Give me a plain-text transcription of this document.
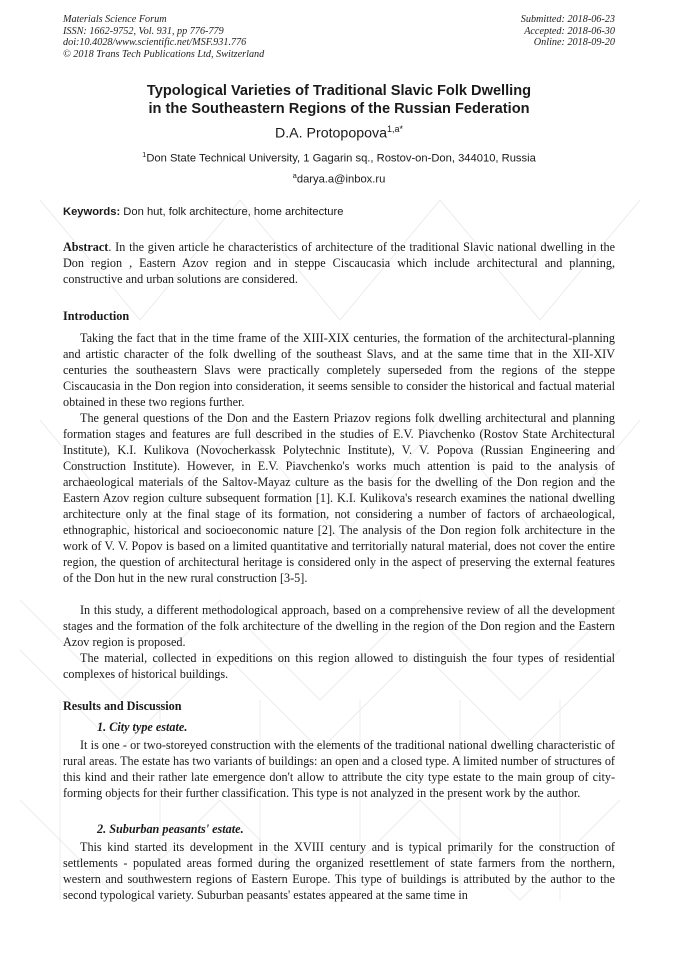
Materials Science Forum
ISSN: 1662-9752, Vol. 931, pp 776-779
doi:10.4028/www.scientific.net/MSF.931.776
© 2018 Trans Tech Publications Ltd, Switzerland
Submitted: 2018-06-23
Accepted: 2018-06-30
Online: 2018-09-20
Typological Varieties of Traditional Slavic Folk Dwelling
in the Southeastern Regions of the Russian Federation
D.A. Protopopova$^{1,a*}$
$^1$Don State Technical University, 1 Gagarin sq., Rostov-on-Don, 344010, Russia
$^a$darya.a@inbox.ru
Keywords: Don hut, folk architecture, home architecture
Abstract. In the given article he characteristics of architecture of the traditional Slavic national dwelling in the Don region , Eastern Azov region and in steppe Ciscaucasia which include architectural and planning, constructive and urban solutions are considered.
Introduction

Taking the fact that in the time frame of the XIII-XIX centuries, the formation of the architectural-planning and artistic character of the folk dwelling of the southeast Slavs, and at the same time that in the XII-XIV centuries the southeastern Slavs were practically completely superseded from the regions of the steppe Ciscaucasia in the Don region into consideration, it seems sensible to consider the historical and factual material obtained in these two regions further.

The general questions of the Don and the Eastern Priazov regions folk dwelling architectural and planning formation stages and features are full described in the studies of E.V. Piavchenko (Rostov State Architectural Institute), K.I. Kulikova (Novocherkassk Polytechnic Institute), V. V. Popova (Russian Engineering and Construction Institute). However, in E.V. Piavchenko's works much attention is paid to the analysis of archaeological materials of the Saltov-Mayaz culture as the basis for the dwelling of the Don region and the Eastern Azov region culture subsequent formation [1]. K.I. Kulikova's research examines the national dwelling architecture only at the final stage of its formation, not considering a number of factors of archaeological, ethnographic, historical and socioeconomic nature [2]. The analysis of the Don region folk architecture in the work of V. V. Popov is based on a limited quantitative and territorially natural material, does not cover the entire region, the question of architectural heritage is considered only in the aspect of preserving the external features of the Don hut in the new rural construction [3-5].

In this study, a different methodological approach, based on a comprehensive review of all the development stages and the formation of the folk architecture of the dwelling in the region of the Don region and the Eastern Azov region is proposed.

The material, collected in expeditions on this region allowed to distinguish the four types of residential complexes of historical buildings.

Results and Discussion
1. City type estate.

It is one - or two-storeyed construction with the elements of the traditional national dwelling characteristic of rural areas. The estate has two variants of buildings: an open and a closed type. A limited number of structures of this kind and their rather late emergence don't allow to attribute the city type estate to the main group of city-forming objects for their further classification. This type is not analyzed in the present work by the author.

2. Suburban peasants' estate.

This kind started its development in the XVIII century and is typical primarily for the construction of settlements - populated areas formed during the organized resettlement of state farmers from the northern, western and southwestern regions of Eastern Europe. This type of buildings is attributed by the author to the second typological variety. Suburban peasants' estates appeared at the same time in
